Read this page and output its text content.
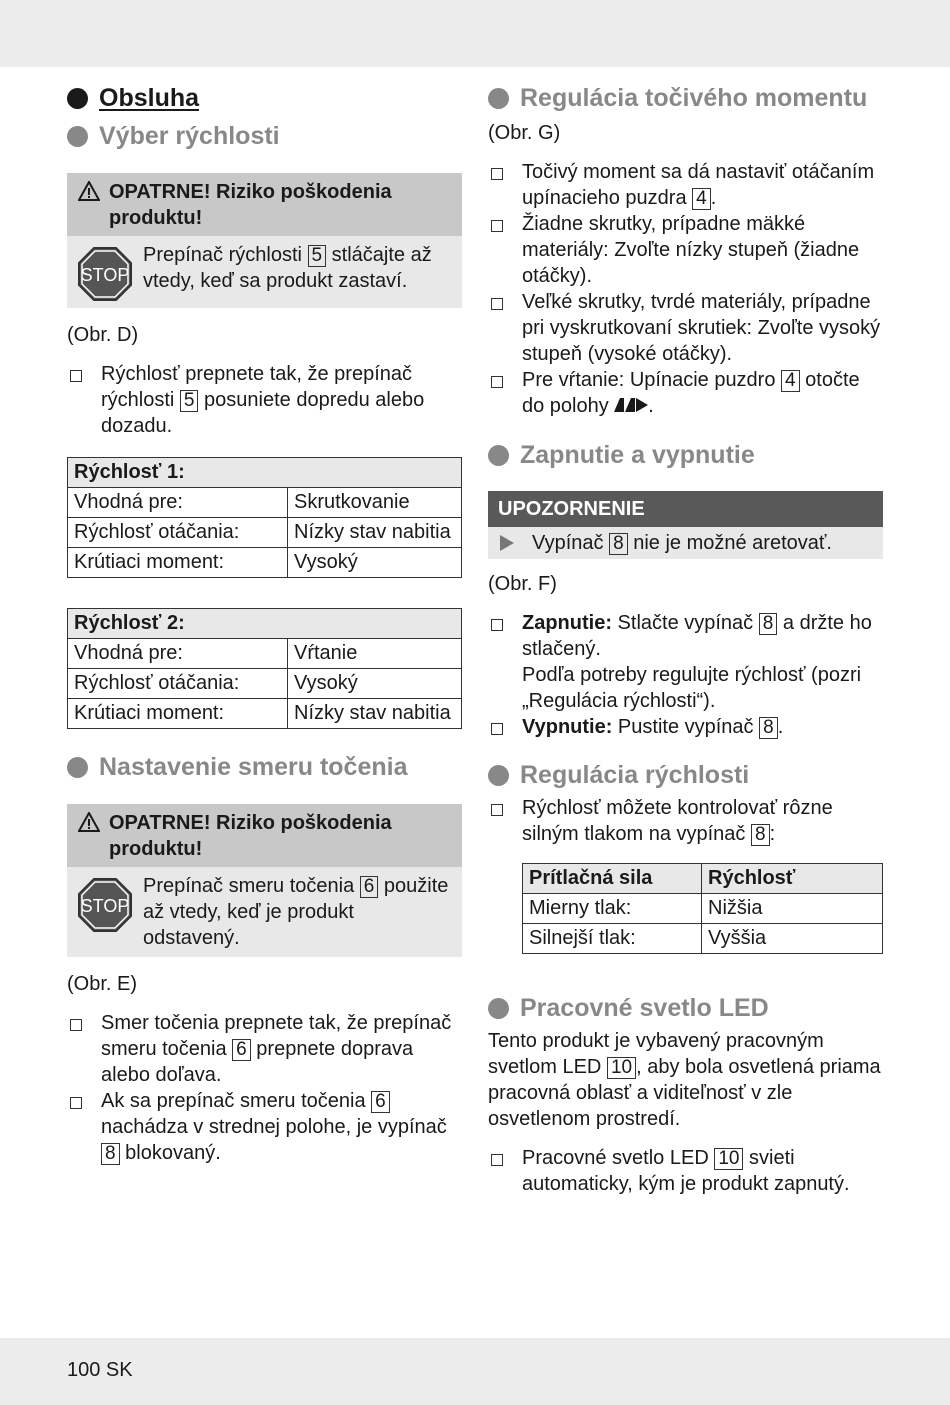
Obsluha
Výber rýchlosti
OPATRNE! Riziko poškodenia
produktu!
STOP

Prepínač rýchlosti 5 stláčajte až vtedy, keď sa produkt zastaví.

(Obr. D)

Rýchlosť prepnete tak, že prepínač rýchlosti 5 posuniete dopredu alebo dozadu.
Rýchlosť 1:	
Vhodná pre:	Skrutkovanie
Rýchlosť otáčania:	Nízky stav nabitia
Krútiaci moment:	Vysoký
Rýchlosť 2:	
Vhodná pre:	Vŕtanie
Rýchlosť otáčania:	Vysoký
Krútiaci moment:	Nízky stav nabitia
Nastavenie smeru točenia
OPATRNE! Riziko poškodenia
produktu!
STOP

Prepínač smeru točenia 6 použite až vtedy, keď je produkt odstavený.

(Obr. E)

Smer točenia prepnete tak, že prepínač smeru točenia 6 prepnete doprava alebo doľava.
Ak sa prepínač smeru točenia 6 nachádza v strednej polohe, je vypínač 8 blokovaný.
Regulácia točivého momentu

(Obr. G)

Točivý moment sa dá nastaviť otáčaním upínacieho puzdra 4 .
Žiadne skrutky, prípadne mäkké materiály: Zvoľte nízky stupeň (žiadne otáčky).
Veľké skrutky, tvrdé materiály, prípadne pri vyskrutkovaní skrutiek: Zvoľte vysoký stupeň (vysoké otáčky).
Pre vŕtanie: Upínacie puzdro 4 otočte do polohy .
Zapnutie a vypnutie
UPOZORNENIE
Vypínač 8 nie je možné aretovať.

(Obr. F)

Zapnutie: Stlačte vypínač 8 a držte ho stlačený.
Podľa potreby regulujte rýchlosť (pozri „Regulácia rýchlosti“).
Vypnutie: Pustite vypínač 8 .
Regulácia rýchlosti
Rýchlosť môžete kontrolovať rôzne silným tlakom na vypínač 8 :
Prítlačná sila	Rýchlosť
Mierny tlak:	Nižšia
Silnejší tlak:	Vyššia
Pracovné svetlo LED

Tento produkt je vybavený pracovným svetlom LED 10 , aby bola osvetlená priama pracovná oblasť a viditeľnosť v zle osvetlenom prostredí.

Pracovné svetlo LED 10 svieti automaticky, kým je produkt zapnutý.
100 SK
